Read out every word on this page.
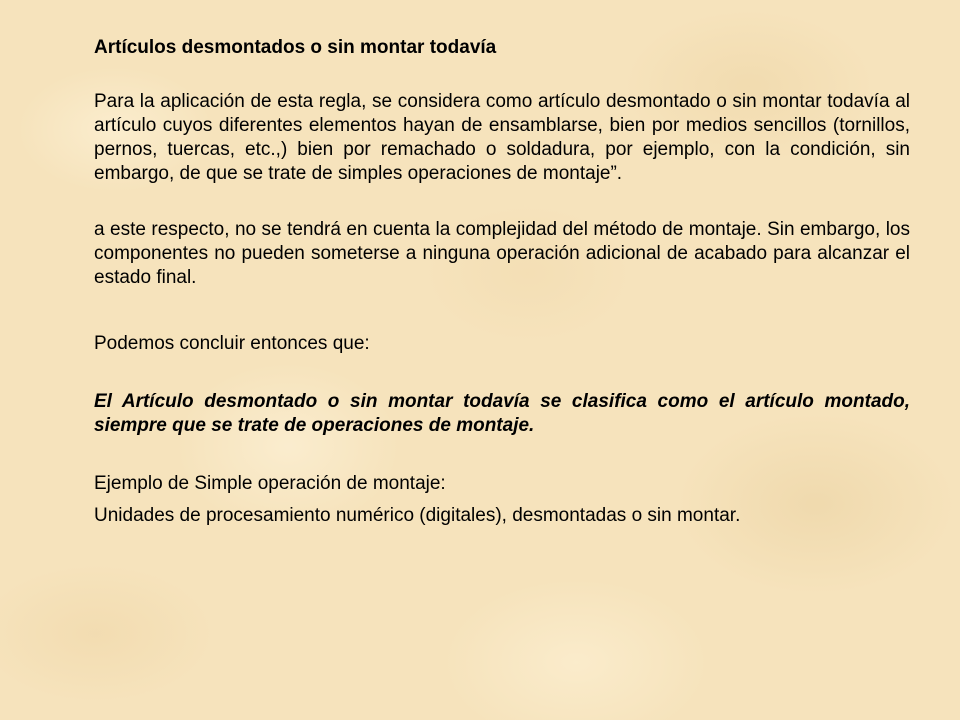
Artículos desmontados o sin montar todavía

Para la aplicación de esta regla, se considera como artículo desmontado o sin montar todavía al artículo cuyos diferentes elementos hayan de ensamblarse, bien por medios sencillos (tornillos, pernos, tuercas, etc.,) bien por remachado o soldadura, por ejemplo, con la condición, sin embargo, de que se trate de simples operaciones de montaje”.

a este respecto, no se tendrá en cuenta la complejidad del método de montaje. Sin embargo, los componentes no pueden someterse a ninguna operación adicional de acabado para alcanzar el estado final.

Podemos concluir entonces que:

El Artículo desmontado o sin montar todavía se clasifica como el artículo montado, siempre que se trate de operaciones de montaje.

Ejemplo de Simple operación de montaje:

Unidades de procesamiento numérico (digitales), desmontadas o sin montar.
